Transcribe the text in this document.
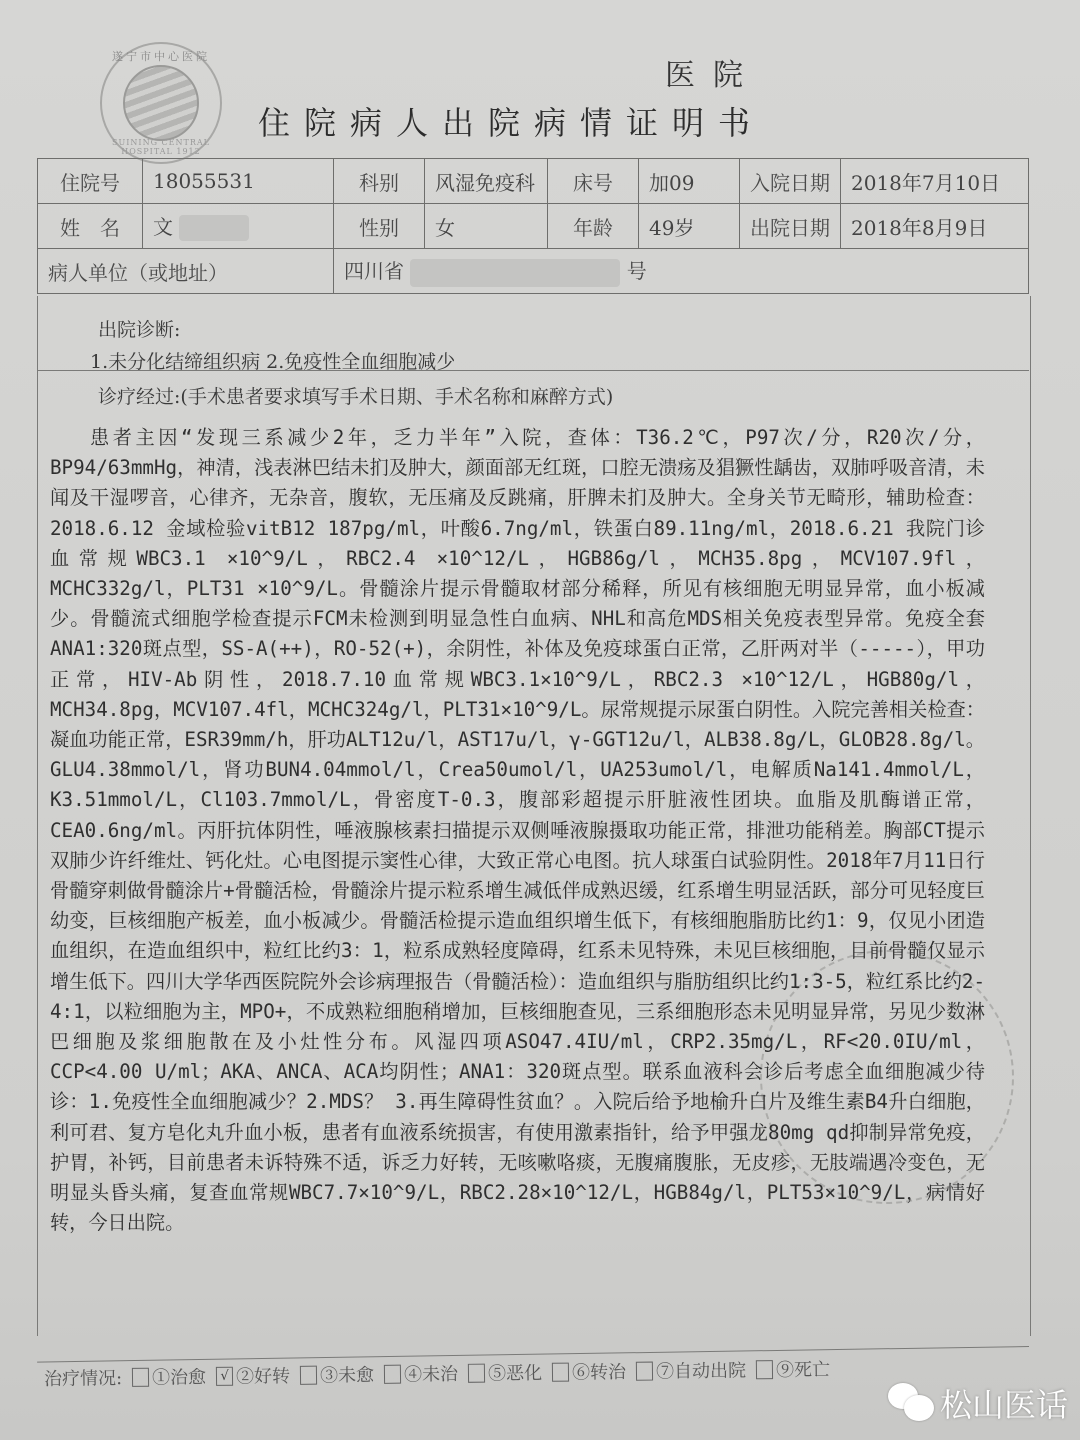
遂宁市中心医院
SUINING CENTRAL HOSPITAL 1912
医院
住院病人出院病情证明书
住院号	18055531	科别	风湿免疫科	床号	加09	入院日期	2018年7月10日
姓　名	文	性别	女	年龄	49岁	出院日期	2018年8月9日
病人单位（或地址）		四川省 号					
出院诊断:
1.未分化结缔组织病 2.免疫性全血细胞减少
诊疗经过:(手术患者要求填写手术日期、手术名称和麻醉方式)
患者主因“发现三系减少2年，乏力半年”入院，查体：T36.2℃，P97次/分，R20次/分，BP94/63mmHg，神清，浅表淋巴结未扪及肿大，颜面部无红斑，口腔无溃疡及猖獗性龋齿，双肺呼吸音清，未闻及干湿啰音，心律齐，无杂音，腹软，无压痛及反跳痛，肝脾未扪及肿大。全身关节无畸形，辅助检查：2018.6.12 金域检验vitB12 187pg/ml，叶酸6.7ng/ml，铁蛋白89.11ng/ml，2018.6.21 我院门诊血常规WBC3.1 ×10^9/L，RBC2.4 ×10^12/L，HGB86g/l，MCH35.8pg，MCV107.9fl，MCHC332g/l，PLT31 ×10^9/L。骨髓涂片提示骨髓取材部分稀释，所见有核细胞无明显异常，血小板减少。骨髓流式细胞学检查提示FCM未检测到明显急性白血病、NHL和高危MDS相关免疫表型异常。免疫全套ANA1:320斑点型，SS-A(++)，RO-52(+)，余阴性，补体及免疫球蛋白正常，乙肝两对半（-----），甲功正常，HIV-Ab阴性，2018.7.10血常规WBC3.1×10^9/L，RBC2.3 ×10^12/L，HGB80g/l，MCH34.8pg，MCV107.4fl，MCHC324g/l，PLT31×10^9/L。尿常规提示尿蛋白阴性。入院完善相关检查：凝血功能正常，ESR39mm/h，肝功ALT12u/l，AST17u/l，γ-GGT12u/l，ALB38.8g/L，GLOB28.8g/l。GLU4.38mmol/l，肾功BUN4.04mmol/l，Crea50umol/l，UA253umol/l，电解质Na141.4mmol/L，K3.51mmol/L，Cl103.7mmol/L，骨密度T-0.3，腹部彩超提示肝脏液性团块。血脂及肌酶谱正常，CEA0.6ng/ml。丙肝抗体阴性，唾液腺核素扫描提示双侧唾液腺摄取功能正常，排泄功能稍差。胸部CT提示双肺少许纤维灶、钙化灶。心电图提示窦性心律，大致正常心电图。抗人球蛋白试验阴性。2018年7月11日行骨髓穿刺做骨髓涂片+骨髓活检，骨髓涂片提示粒系增生减低伴成熟迟缓，红系增生明显活跃，部分可见轻度巨幼变，巨核细胞产板差，血小板减少。骨髓活检提示造血组织增生低下，有核细胞脂肪比约1：9，仅见小团造血组织，在造血组织中，粒红比约3：1，粒系成熟轻度障碍，红系未见特殊，未见巨核细胞，目前骨髓仅显示增生低下。四川大学华西医院院外会诊病理报告（骨髓活检）：造血组织与脂肪组织比约1:3-5，粒红系比约2-4:1，以粒细胞为主，MPO+，不成熟粒细胞稍增加，巨核细胞查见，三系细胞形态未见明显异常，另见少数淋巴细胞及浆细胞散在及小灶性分布。风湿四项ASO47.4IU/ml，CRP2.35mg/L，RF<20.0IU/ml，CCP<4.00 U/ml；AKA、ANCA、ACA均阴性；ANA1：320斑点型。联系血液科会诊后考虑全血细胞减少待诊：1.免疫性全血细胞减少？2.MDS？ 3.再生障碍性贫血？。入院后给予地榆升白片及维生素B4升白细胞，利可君、复方皂化丸升血小板，患者有血液系统损害，有使用激素指针，给予甲强龙80mg qd抑制异常免疫，护胃，补钙，目前患者未诉特殊不适，诉乏力好转，无咳嗽咯痰，无腹痛腹胀，无皮疹，无肢端遇冷变色，无明显头昏头痛，复查血常规WBC7.7×10^9/L，RBC2.28×10^12/L，HGB84g/l，PLT53×10^9/L，病情好转，今日出院。
治疗情况: ①治愈	√ ②好转 ③未愈 ④未治 ⑤恶化 ⑥转治 ⑦自动出院 ⑨死亡
松山医话
